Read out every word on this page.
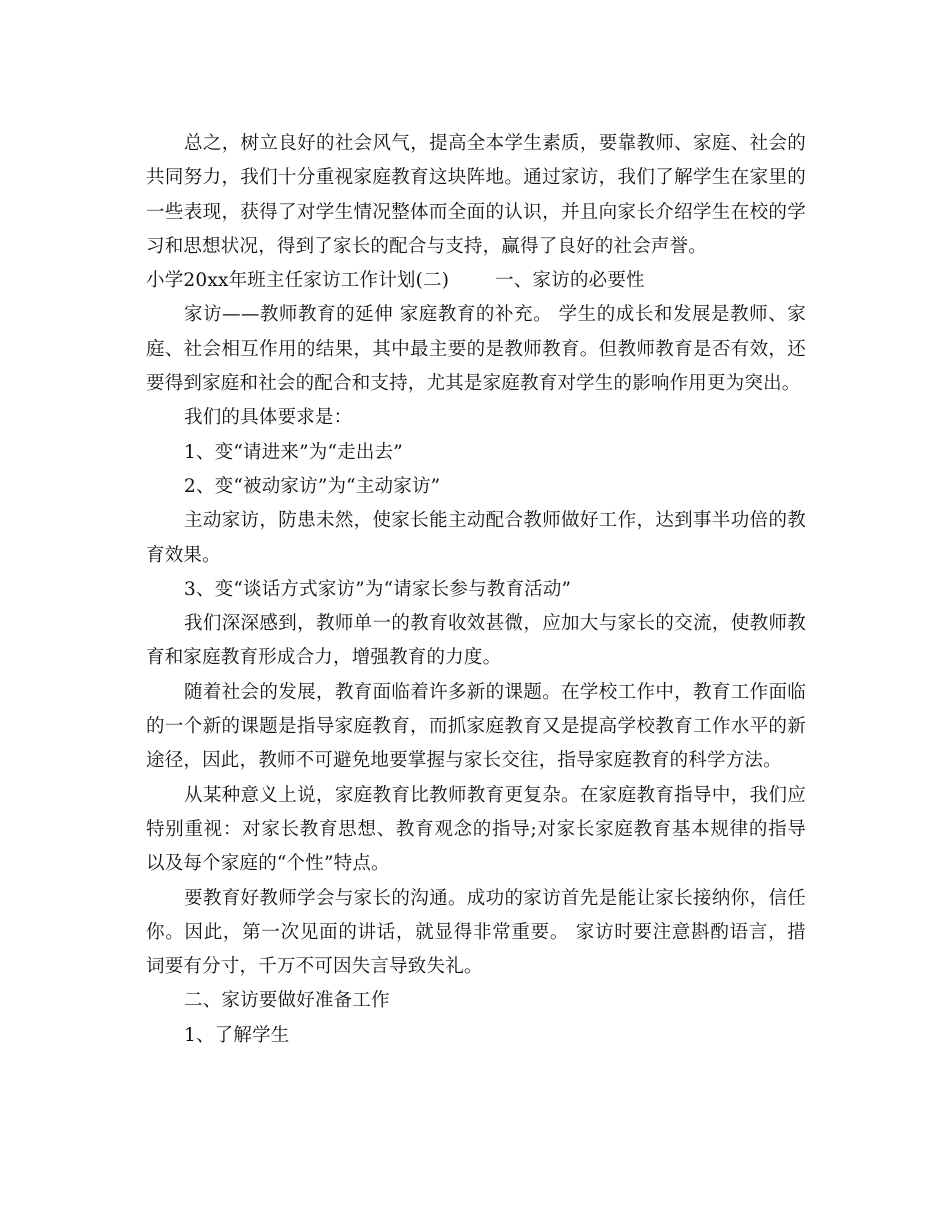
总之，树立良好的社会风气，提高全本学生素质，要靠教师、家庭、社会的共同努力，我们十分重视家庭教育这块阵地。通过家访，我们了解学生在家里的一些表现，获得了对学生情况整体而全面的认识，并且向家长介绍学生在校的学习和思想状况，得到了家长的配合与支持，赢得了良好的社会声誉。

小学20xx年班主任家访工作计划(二) 一、家访的必要性

家访——教师教育的延伸 家庭教育的补充。 学生的成长和发展是教师、家庭、社会相互作用的结果，其中最主要的是教师教育。但教师教育是否有效，还要得到家庭和社会的配合和支持，尤其是家庭教育对学生的影响作用更为突出。

我们的具体要求是：

1、变“请进来”为“走出去”

2、变“被动家访”为“主动家访”

主动家访，防患未然，使家长能主动配合教师做好工作，达到事半功倍的教育效果。

3、变“谈话方式家访”为“请家长参与教育活动”

我们深深感到，教师单一的教育收效甚微，应加大与家长的交流，使教师教育和家庭教育形成合力，增强教育的力度。

随着社会的发展，教育面临着许多新的课题。在学校工作中，教育工作面临的一个新的课题是指导家庭教育，而抓家庭教育又是提高学校教育工作水平的新途径，因此，教师不可避免地要掌握与家长交往，指导家庭教育的科学方法。

从某种意义上说，家庭教育比教师教育更复杂。在家庭教育指导中，我们应特别重视：对家长教育思想、教育观念的指导;对家长家庭教育基本规律的指导以及每个家庭的“个性”特点。

要教育好教师学会与家长的沟通。成功的家访首先是能让家长接纳你，信任你。因此，第一次见面的讲话，就显得非常重要。 家访时要注意斟酌语言，措词要有分寸，千万不可因失言导致失礼。

二、家访要做好准备工作

1、了解学生
